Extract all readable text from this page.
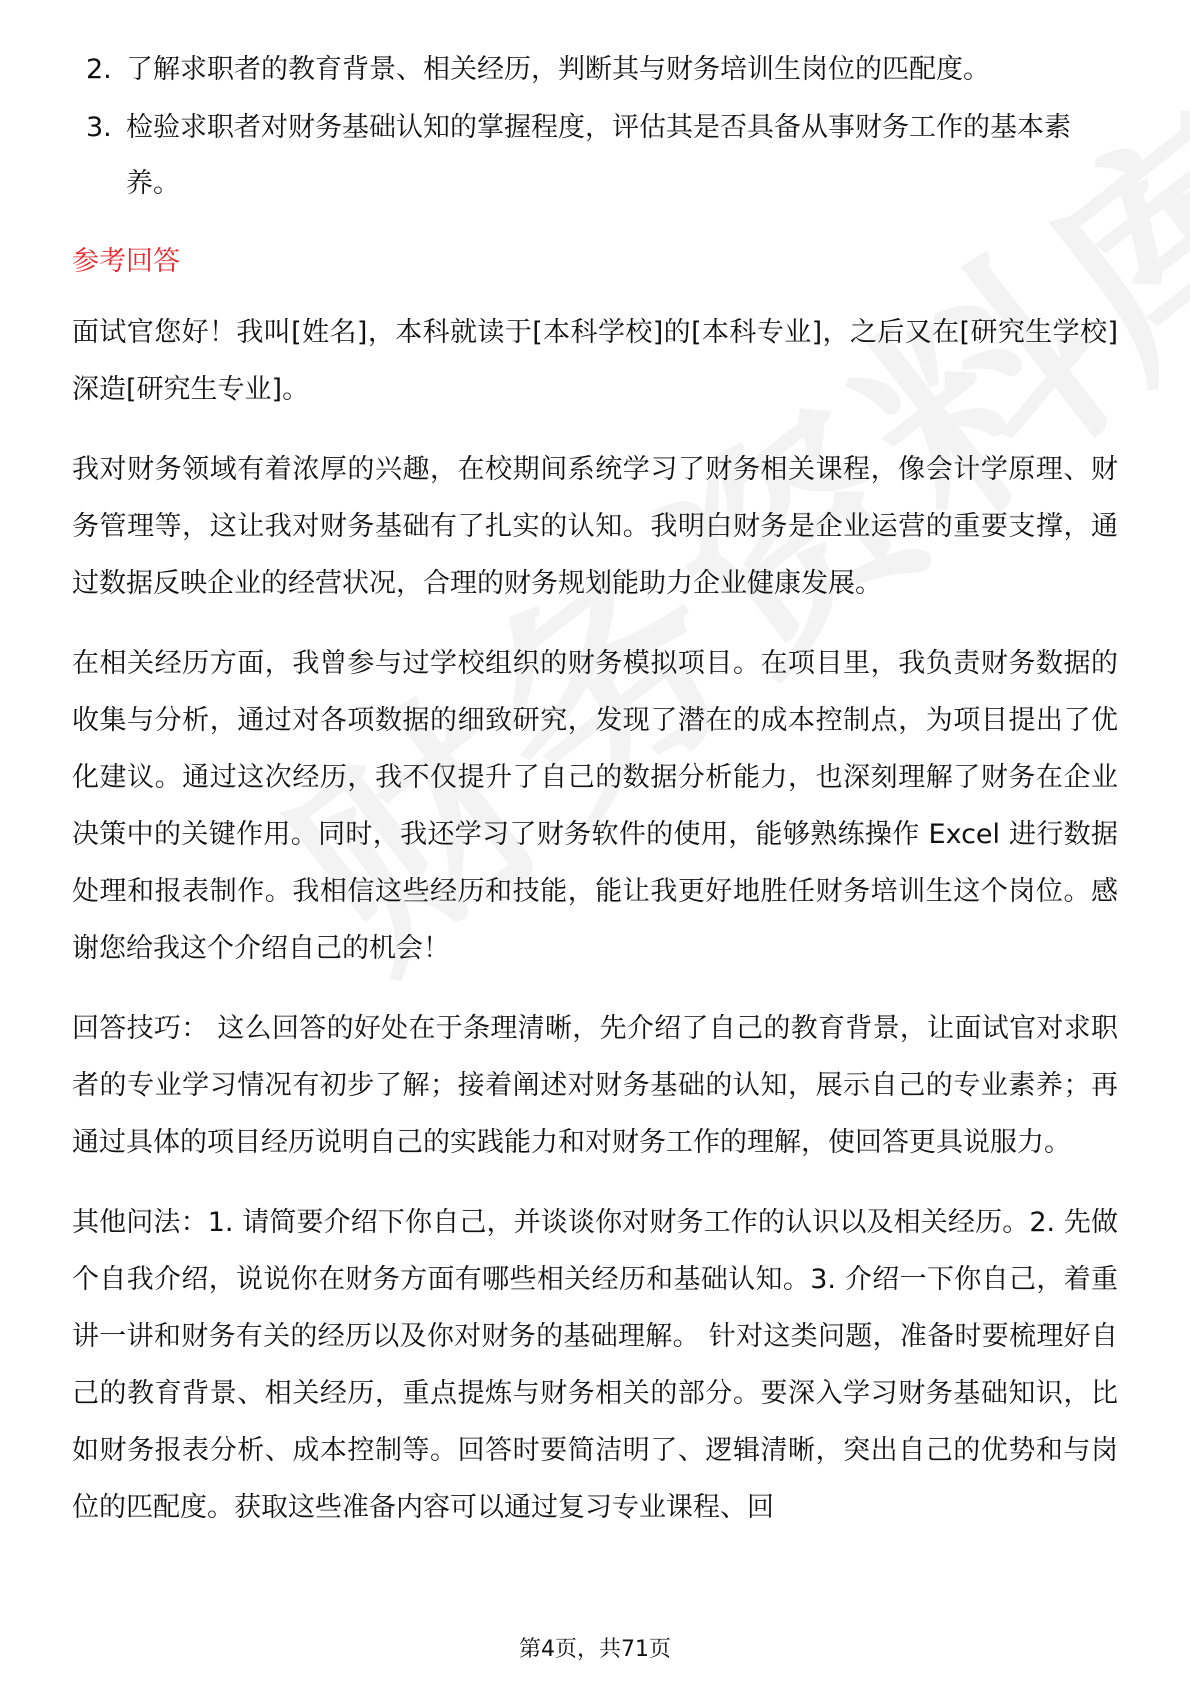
2. 了解求职者的教育背景、相关经历，判断其与财务培训生岗位的匹配度。
3. 检验求职者对财务基础认知的掌握程度，评估其是否具备从事财务工作的基本素养。
参考回答

面试官您好！我叫[姓名]，本科就读于[本科学校]的[本科专业]，之后又在[研究生学校]深造[研究生专业]。

我对财务领域有着浓厚的兴趣，在校期间系统学习了财务相关课程，像会计学原理、财务管理等，这让我对财务基础有了扎实的认知。我明白财务是企业运营的重要支撑，通过数据反映企业的经营状况，合理的财务规划能助力企业健康发展。

在相关经历方面，我曾参与过学校组织的财务模拟项目。在项目里，我负责财务数据的收集与分析，通过对各项数据的细致研究，发现了潜在的成本控制点，为项目提出了优化建议。通过这次经历，我不仅提升了自己的数据分析能力，也深刻理解了财务在企业决策中的关键作用。同时，我还学习了财务软件的使用，能够熟练操作 Excel 进行数据处理和报表制作。我相信这些经历和技能，能让我更好地胜任财务培训生这个岗位。感谢您给我这个介绍自己的机会！

回答技巧： 这么回答的好处在于条理清晰，先介绍了自己的教育背景，让面试官对求职者的专业学习情况有初步了解；接着阐述对财务基础的认知，展示自己的专业素养；再通过具体的项目经历说明自己的实践能力和对财务工作的理解，使回答更具说服力。

其他问法：1. 请简要介绍下你自己，并谈谈你对财务工作的认识以及相关经历。2. 先做个自我介绍，说说你在财务方面有哪些相关经历和基础认知。3. 介绍一下你自己，着重讲一讲和财务有关的经历以及你对财务的基础理解。 针对这类问题，准备时要梳理好自己的教育背景、相关经历，重点提炼与财务相关的部分。要深入学习财务基础知识，比如财务报表分析、成本控制等。回答时要简洁明了、逻辑清晰，突出自己的优势和与岗位的匹配度。获取这些准备内容可以通过复习专业课程、回

第4页，共71页
